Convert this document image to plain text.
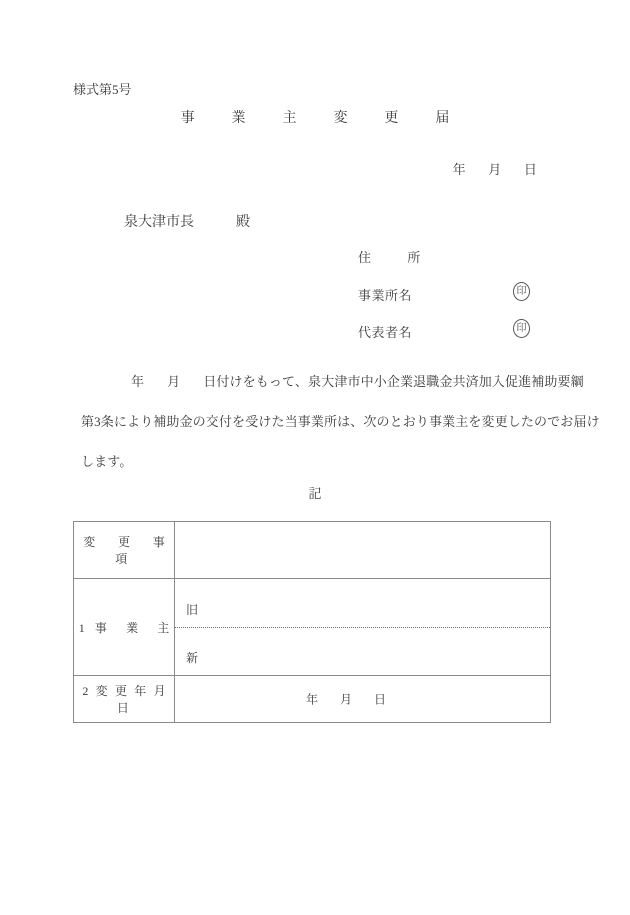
様式第5号
事　業　主　変　更　届

年 月 日

泉大津市長	殿

住　所
事業所名	印
代表者名	印
年 月 日付けをもって、泉大津市中小企業退職金共済加入促進補助要綱
第3条により補助金の交付を受けた当事業所は、次のとおり事業主を変更したのでお届け
します。
記
変　更　事　項	
1 事　業　主	旧
新

2 変 更 年 月 日	年 月 日
